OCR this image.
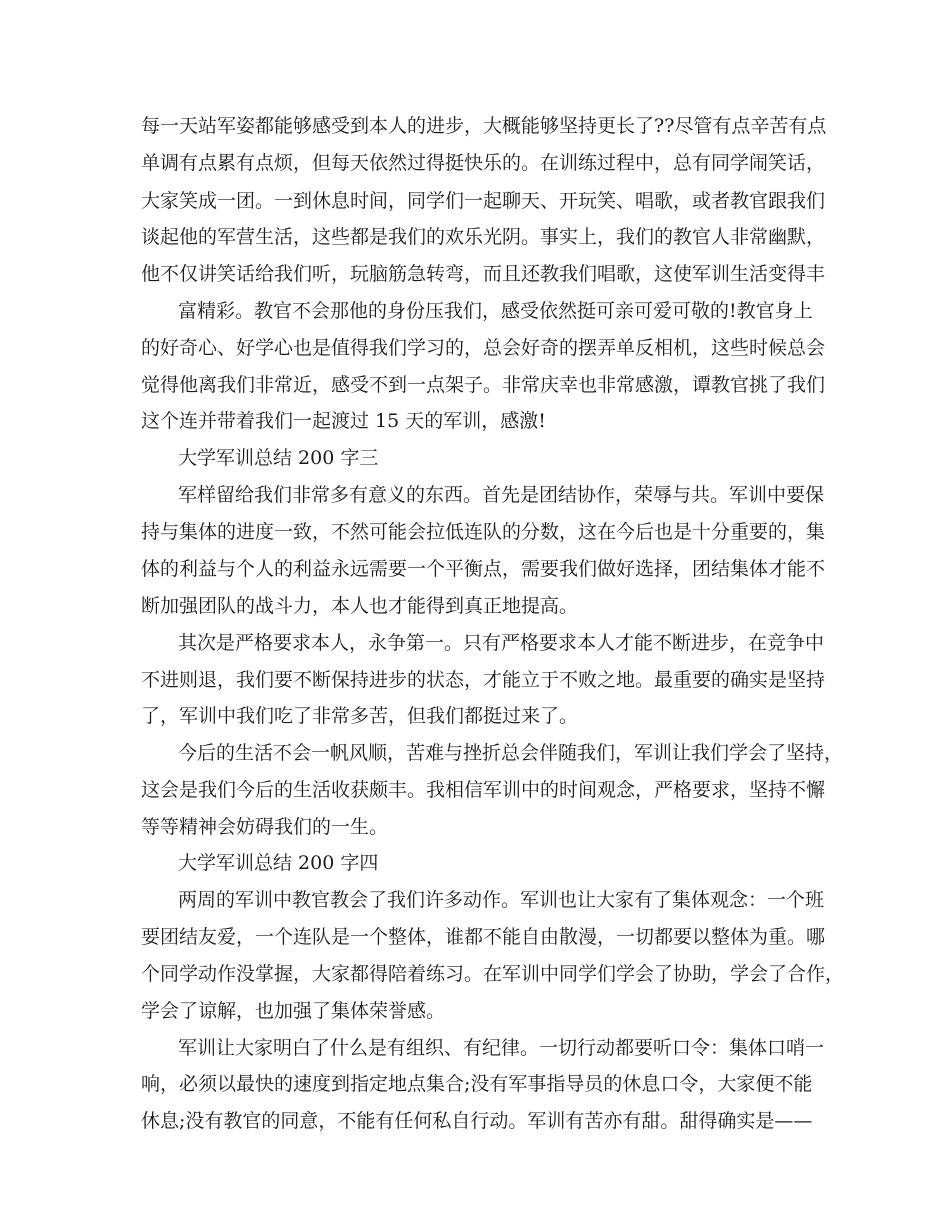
每一天站军姿都能够感受到本人的进步，大概能够坚持更长了??尽管有点辛苦有点
单调有点累有点烦，但每天依然过得挺快乐的。在训练过程中，总有同学闹笑话，
大家笑成一团。一到休息时间，同学们一起聊天、开玩笑、唱歌，或者教官跟我们
谈起他的军营生活，这些都是我们的欢乐光阴。事实上，我们的教官人非常幽默，
他不仅讲笑话给我们听，玩脑筋急转弯，而且还教我们唱歌，这使军训生活变得丰
富精彩。教官不会那他的身份压我们，感受依然挺可亲可爱可敬的!教官身上
的好奇心、好学心也是值得我们学习的，总会好奇的摆弄单反相机，这些时候总会
觉得他离我们非常近，感受不到一点架子。非常庆幸也非常感激，谭教官挑了我们
这个连并带着我们一起渡过 15 天的军训，感激!
大学军训总结 200 字三
军样留给我们非常多有意义的东西。首先是团结协作，荣辱与共。军训中要保
持与集体的进度一致，不然可能会拉低连队的分数，这在今后也是十分重要的，集
体的利益与个人的利益永远需要一个平衡点，需要我们做好选择，团结集体才能不
断加强团队的战斗力，本人也才能得到真正地提高。
其次是严格要求本人，永争第一。只有严格要求本人才能不断进步，在竞争中
不进则退，我们要不断保持进步的状态，才能立于不败之地。最重要的确实是坚持
了，军训中我们吃了非常多苦，但我们都挺过来了。
今后的生活不会一帆风顺，苦难与挫折总会伴随我们，军训让我们学会了坚持，
这会是我们今后的生活收获颇丰。我相信军训中的时间观念，严格要求，坚持不懈
等等精神会妨碍我们的一生。
大学军训总结 200 字四
两周的军训中教官教会了我们许多动作。军训也让大家有了集体观念：一个班
要团结友爱，一个连队是一个整体，谁都不能自由散漫，一切都要以整体为重。哪
个同学动作没掌握，大家都得陪着练习。在军训中同学们学会了协助，学会了合作，
学会了谅解，也加强了集体荣誉感。
军训让大家明白了什么是有组织、有纪律。一切行动都要听口令：集体口哨一
响，必须以最快的速度到指定地点集合;没有军事指导员的休息口令，大家便不能
休息;没有教官的同意，不能有任何私自行动。军训有苦亦有甜。甜得确实是——
